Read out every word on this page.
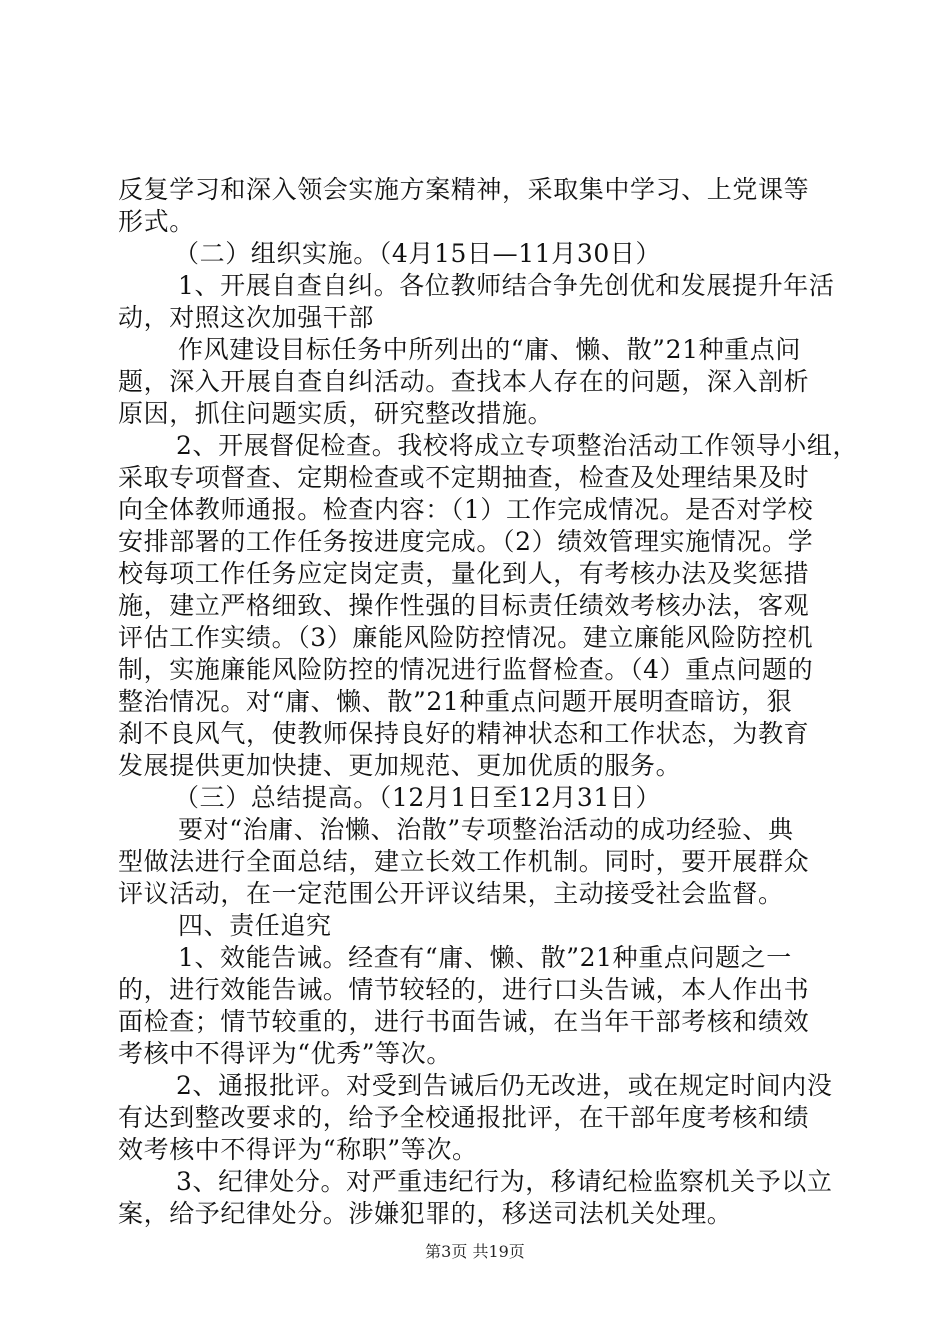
反复学习和深入领会实施方案精神，采取集中学习、上党课等
形式。
（二）组织实施。（4月15日—11月30日）
1、开展自查自纠。各位教师结合争先创优和发展提升年活
动，对照这次加强干部
作风建设目标任务中所列出的“庸、懒、散”21种重点问
题，深入开展自查自纠活动。查找本人存在的问题，深入剖析
原因，抓住问题实质，研究整改措施。
2、开展督促检查。我校将成立专项整治活动工作领导小组，
采取专项督查、定期检查或不定期抽查，检查及处理结果及时
向全体教师通报。检查内容：（1）工作完成情况。是否对学校
安排部署的工作任务按进度完成。（2）绩效管理实施情况。学
校每项工作任务应定岗定责，量化到人，有考核办法及奖惩措
施，建立严格细致、操作性强的目标责任绩效考核办法，客观
评估工作实绩。（3）廉能风险防控情况。建立廉能风险防控机
制，实施廉能风险防控的情况进行监督检查。（4）重点问题的
整治情况。对“庸、懒、散”21种重点问题开展明查暗访，狠
刹不良风气，使教师保持良好的精神状态和工作状态，为教育
发展提供更加快捷、更加规范、更加优质的服务。
（三）总结提高。（12月1日至12月31日）
要对“治庸、治懒、治散”专项整治活动的成功经验、典
型做法进行全面总结，建立长效工作机制。同时，要开展群众
评议活动，在一定范围公开评议结果，主动接受社会监督。
四、责任追究
1、效能告诫。经查有“庸、懒、散”21种重点问题之一
的，进行效能告诫。情节较轻的，进行口头告诫，本人作出书
面检查；情节较重的，进行书面告诫，在当年干部考核和绩效
考核中不得评为“优秀”等次。
2、通报批评。对受到告诫后仍无改进，或在规定时间内没
有达到整改要求的，给予全校通报批评，在干部年度考核和绩
效考核中不得评为“称职”等次。
3、纪律处分。对严重违纪行为，移请纪检监察机关予以立
案，给予纪律处分。涉嫌犯罪的，移送司法机关处理。
第3页 共19页
